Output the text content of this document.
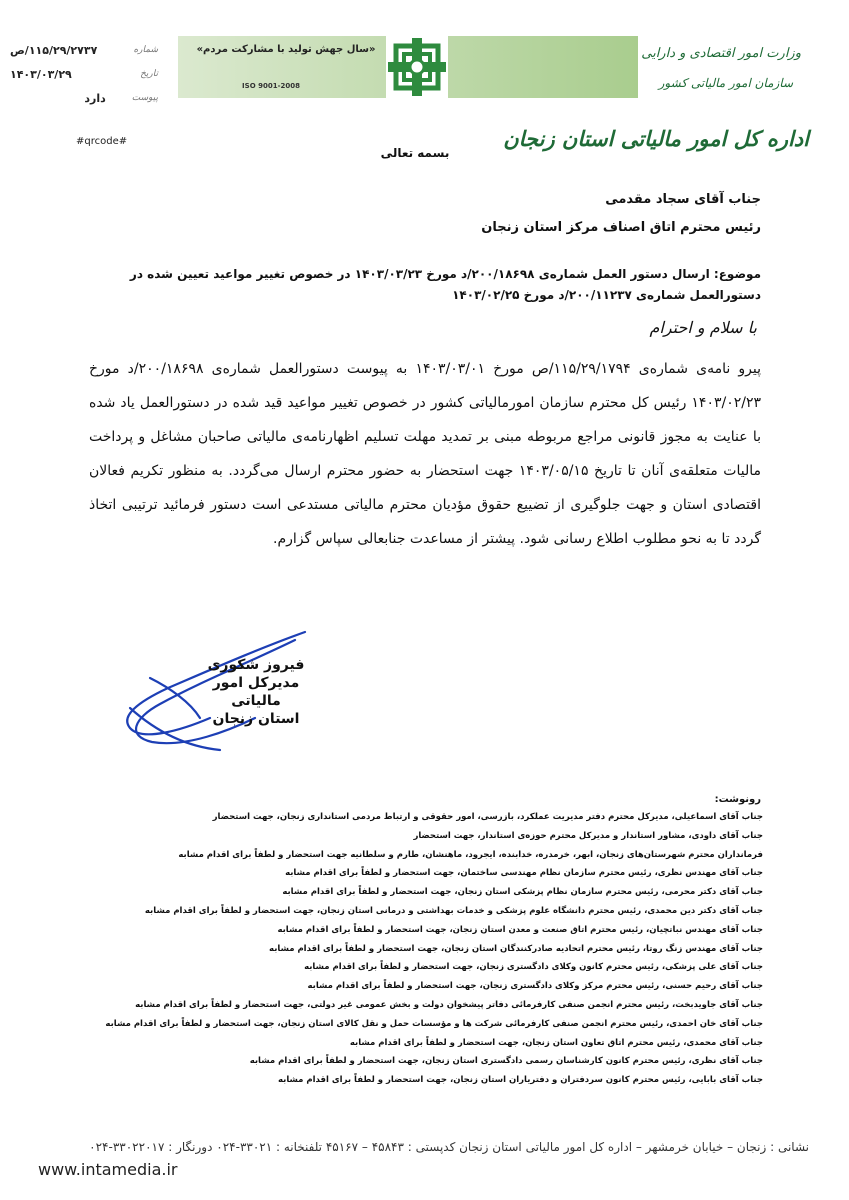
وزارت امور اقتصادی و دارایی
سازمان امور مالیاتی کشور
«سال جهش تولید با مشارکت مردم»
ISO 9001-2008
شماره
۱۱۵/۲۹/۲۷۳۷/ص
تاریخ
۱۴۰۳/۰۳/۲۹
پیوست
دارد
#qrcode#
بسمه تعالی
اداره کل امور مالیاتی استان زنجان
جناب آقای سجاد مقدمی
رئیس محترم اتاق اصناف مرکز استان زنجان
موضوع: ارسال دستور العمل شماره‌ی ۲۰۰/۱۸۶۹۸/د مورخ ۱۴۰۳/۰۳/۲۳ در خصوص تغییر مواعید تعیین شده در دستورالعمل شماره‌ی ۲۰۰/۱۱۲۳۷/د مورخ ۱۴۰۳/۰۲/۲۵
با سلام و احترام
پیرو نامه‌ی شماره‌ی ۱۱۵/۲۹/۱۷۹۴/ص مورخ ۱۴۰۳/۰۳/۰۱ به پیوست دستورالعمل شماره‌ی ۲۰۰/۱۸۶۹۸/د مورخ ۱۴۰۳/۰۲/۲۳ رئیس کل محترم سازمان امورمالیاتی کشور در خصوص تغییر مواعید قید شده در دستورالعمل یاد شده با عنایت به مجوز قانونی مراجع مربوطه مبنی بر تمدید مهلت تسلیم اظهارنامه‌ی مالیاتی صاحبان مشاغل و پرداخت مالیات متعلقه‌ی آنان تا تاریخ ۱۴۰۳/۰۵/۱۵ جهت استحضار به حضور محترم ارسال می‌گردد. به منظور تکریم فعالان اقتصادی استان و جهت جلوگیری از تضییع حقوق مؤدیان محترم مالیاتی مستدعی است دستور فرمائید ترتیبی اتخاذ گردد تا به نحو مطلوب اطلاع رسانی شود. پیشتر از مساعدت جنابعالی سپاس گزارم.
فیروز شکوری
مدیرکل امور مالیاتی
استان زنجان
رونوشت:
جناب آقای اسماعیلی، مدیرکل محترم دفتر مدیریت عملکرد، بازرسی، امور حقوقی و ارتباط مردمی استانداری زنجان، جهت استحضار
جناب آقای داودی، مشاور استاندار و مدیرکل محترم حوزه‌ی استاندار، جهت استحضار
فرمانداران محترم شهرستان‌های زنجان، ابهر، خرمدره، خدابنده، ایجرود، ماهنشان، طارم و سلطانیه جهت استحضار و لطفاً برای اقدام مشابه
جناب آقای مهندس نظری، رئیس محترم سازمان نظام مهندسی ساختمان، جهت استحضار و لطفاً برای اقدام مشابه
جناب آقای دکتر محرمی، رئیس محترم سازمان نظام پزشکی استان زنجان، جهت استحضار و لطفاً برای اقدام مشابه
جناب آقای دکتر دین محمدی، رئیس محترم دانشگاه علوم پزشکی و خدمات بهداشتی و درمانی استان زنجان، جهت استحضار و لطفاً برای اقدام مشابه
جناب آقای مهندس نباتچیان، رئیس محترم اتاق صنعت و معدن استان زنجان، جهت استحضار و لطفاً برای اقدام مشابه
جناب آقای مهندس زنگ روتا، رئیس محترم اتحادیه صادرکنندگان استان زنجان، جهت استحضار و لطفاً برای اقدام مشابه
جناب آقای علی پزشکی، رئیس محترم کانون وکلای دادگستری زنجان، جهت استحضار و لطفاً برای اقدام مشابه
جناب آقای رحیم حسنی، رئیس محترم مرکز وکلای دادگستری زنجان، جهت استحضار و لطفاً برای اقدام مشابه
جناب آقای جاویدبخت، رئیس محترم انجمن صنفی کارفرمائی دفاتر پیشخوان دولت و بخش عمومی غیر دولتی، جهت استحضار و لطفاً برای اقدام مشابه
جناب آقای خان احمدی، رئیس محترم انجمن صنفی کارفرمائی شرکت ها و مؤسسات حمل و نقل کالای استان زنجان، جهت استحضار و لطفاً برای اقدام مشابه
جناب آقای محمدی، رئیس محترم اتاق تعاون استان زنجان، جهت استحضار و لطفاً برای اقدام مشابه
جناب آقای نظری، رئیس محترم کانون کارشناسان رسمی دادگستری استان زنجان، جهت استحضار و لطفاً برای اقدام مشابه
جناب آقای بابایی، رئیس محترم کانون سردفتران و دفتریاران استان زنجان، جهت استحضار و لطفاً برای اقدام مشابه
نشانی : زنجان – خیابان خرمشهر – اداره کل امور مالیاتی استان زنجان کدپستی : ۴۵۸۴۳ – ۴۵۱۶۷ تلفنخانه : ۳۳۰۲۱-۰۲۴ دورنگار : ۳۳۰۲۲۰۱۷-۰۲۴
www.intamedia.ir
